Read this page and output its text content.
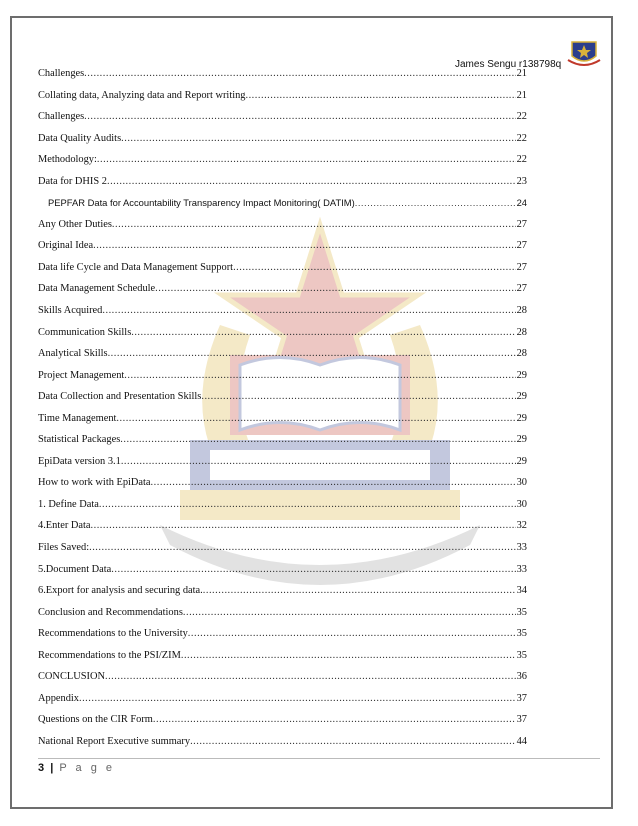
James Sengu r138798q
Challenges .....	21
Collating data, Analyzing data and Report writing .....	21
Challenges .....	22
Data Quality Audits .....	22
Methodology: .....	22
Data for DHIS 2 .....	23
PEPFAR Data for Accountability Transparency Impact Monitoring( DATIM) .....	24
Any Other Duties .....	27
Original Idea .....	27
Data life Cycle and Data Management Support .....	27
Data Management Schedule .....	27
Skills Acquired .....	28
Communication Skills .....	28
Analytical Skills .....	28
Project Management .....	29
Data Collection and Presentation Skills .....	29
Time Management .....	29
Statistical Packages .....	29
EpiData version 3.1 .....	29
How to work with EpiData .....	30
1. Define Data .....	30
4.Enter Data .....	32
Files Saved: .....	33
5.Document Data .....	33
6.Export for analysis and securing data. .....	34
Conclusion and Recommendations .....	35
Recommendations to the University .....	35
Recommendations to the PSI/ZIM .....	35
CONCLUSION .....	36
Appendix .....	37
Questions on the CIR Form .....	37
National Report Executive summary .....	44
3 | P a g e
